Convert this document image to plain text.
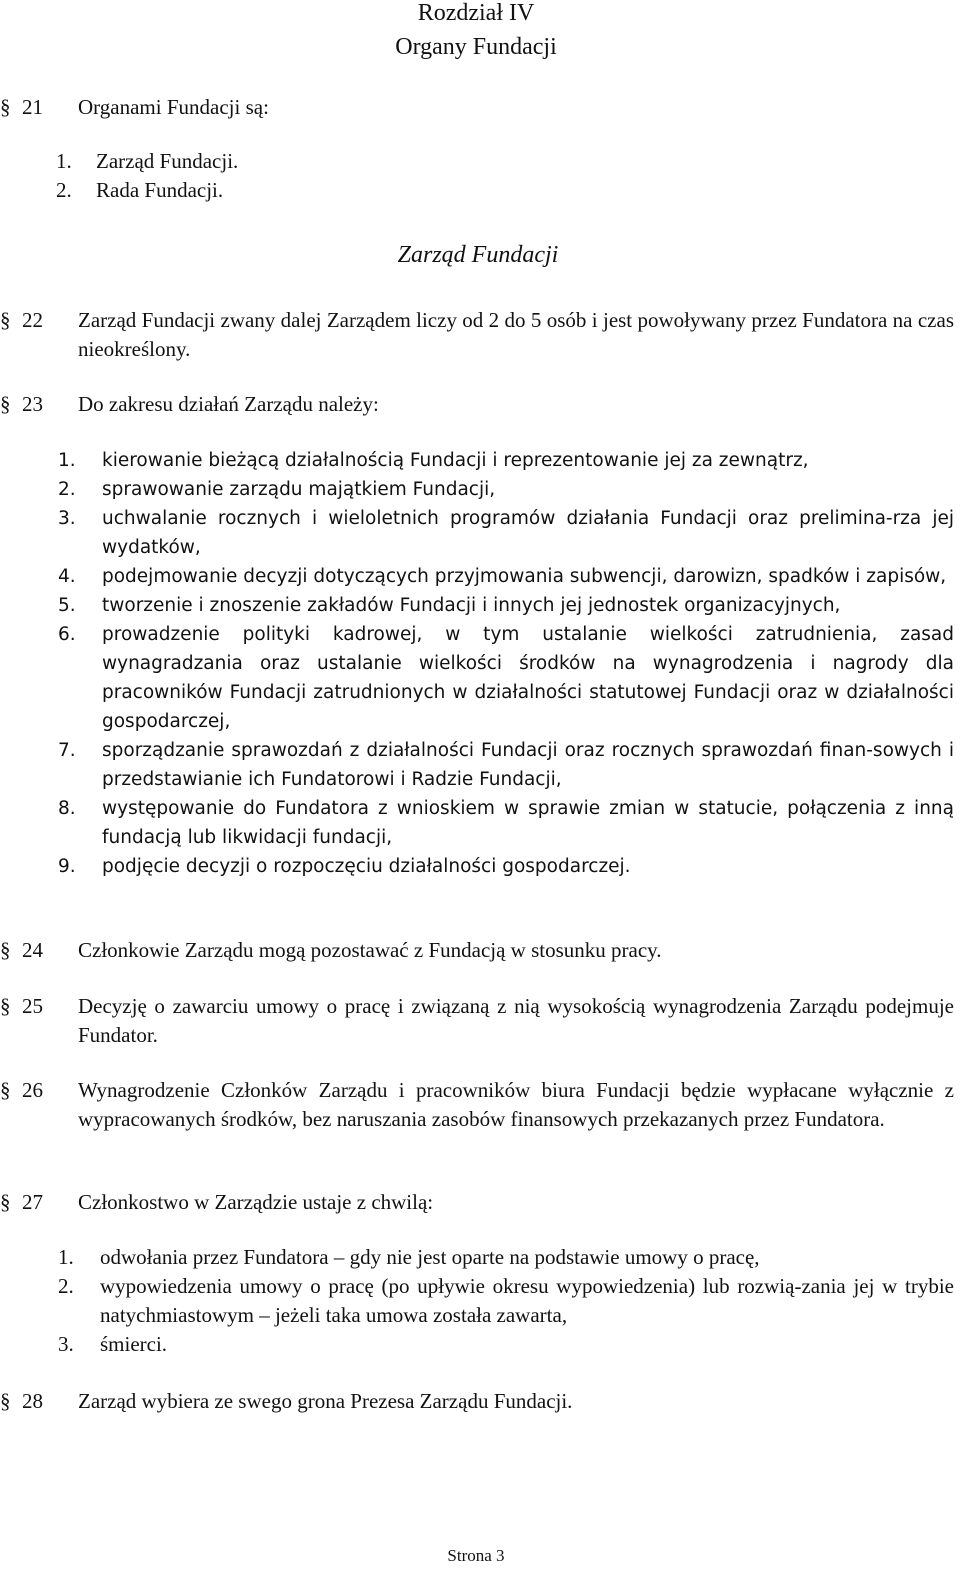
Rozdział IV
Organy Fundacji
§ 21 Organami Fundacji są:
1. Zarząd Fundacji.
2. Rada Fundacji.
Zarząd Fundacji
§ 22 Zarząd Fundacji zwany dalej Zarządem liczy od 2 do 5 osób i jest powoływany przez Fundatora na czas nieokreślony.
§ 23 Do zakresu działań Zarządu należy:
1. kierowanie bieżącą działalnością Fundacji i reprezentowanie jej za zewnątrz,
2. sprawowanie zarządu majątkiem Fundacji,
3. uchwalanie rocznych i wieloletnich programów działania Fundacji oraz prelimina-rza jej wydatków,
4. podejmowanie decyzji dotyczących przyjmowania subwencji, darowizn, spadków i zapisów,
5. tworzenie i znoszenie zakładów Fundacji i innych jej jednostek organizacyjnych,
6. prowadzenie polityki kadrowej, w tym ustalanie wielkości zatrudnienia, zasad wynagradzania oraz ustalanie wielkości środków na wynagrodzenia i nagrody dla pracowników Fundacji zatrudnionych w działalności statutowej Fundacji oraz w działalności gospodarczej,
7. sporządzanie sprawozdań z działalności Fundacji oraz rocznych sprawozdań finan-sowych i przedstawianie ich Fundatorowi i Radzie Fundacji,
8. występowanie do Fundatora z wnioskiem w sprawie zmian w statucie, połączenia z inną fundacją lub likwidacji fundacji,
9. podjęcie decyzji o rozpoczęciu działalności gospodarczej.
§ 24 Członkowie Zarządu mogą pozostawać z Fundacją w stosunku pracy.
§ 25 Decyzję o zawarciu umowy o pracę i związaną z nią wysokością wynagrodzenia Zarządu podejmuje Fundator.
§ 26 Wynagrodzenie Członków Zarządu i pracowników biura Fundacji będzie wypłacane wyłącznie z wypracowanych środków, bez naruszania zasobów finansowych przekazanych przez Fundatora.
§ 27 Członkostwo w Zarządzie ustaje z chwilą:
1. odwołania przez Fundatora – gdy nie jest oparte na podstawie umowy o pracę,
2. wypowiedzenia umowy o pracę (po upływie okresu wypowiedzenia) lub rozwią-zania jej w trybie natychmiastowym – jeżeli taka umowa została zawarta,
3. śmierci.
§ 28 Zarząd wybiera ze swego grona Prezesa Zarządu Fundacji.
Strona 3
